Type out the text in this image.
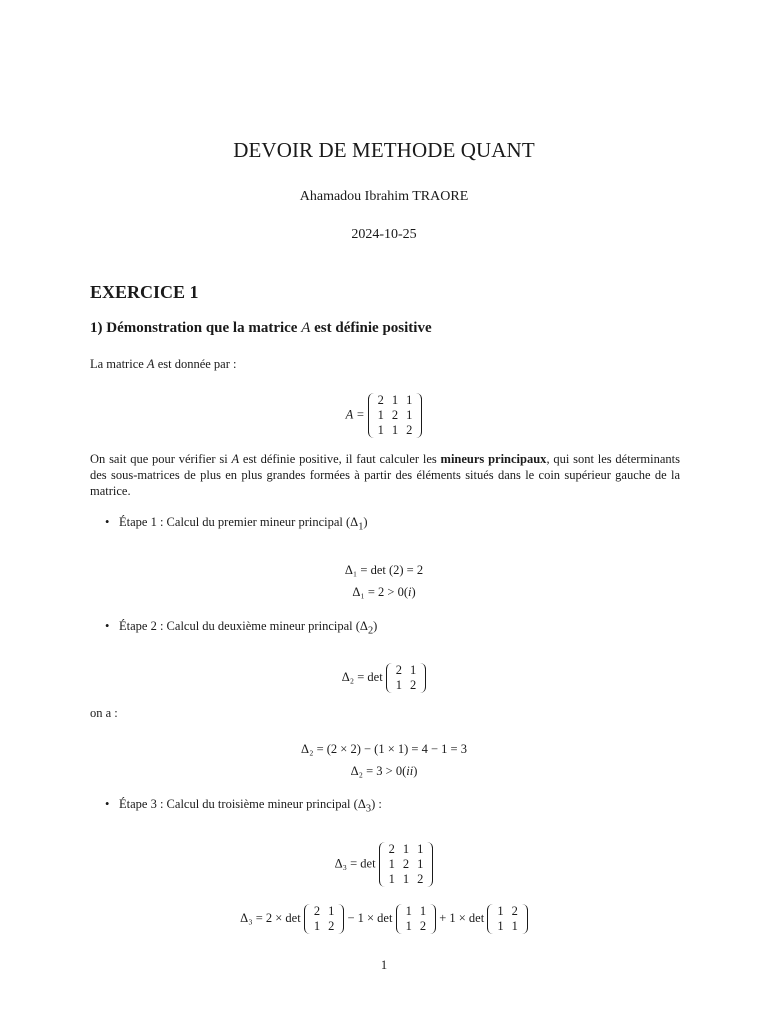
DEVOIR DE METHODE QUANT
Ahamadou Ibrahim TRAORE
2024-10-25
EXERCICE 1
1) Démonstration que la matrice A est définie positive
La matrice A est donnée par :
A =
2	1	1
1	2	1
1	1	2
On sait que pour vérifier si A est définie positive, il faut calculer les mineurs principaux, qui sont les déterminants des sous-matrices de plus en plus grandes formées à partir des éléments situés dans le coin supérieur gauche de la matrice.
• Étape 1 : Calcul du premier mineur principal $(\Delta_1)$
Δ₁ = det (2) = 2
Δ₁ = 2 > 0(i)
• Étape 2 : Calcul du deuxième mineur principal $(\Delta_2)$
Δ₂ = det 2	1
1	2
on a :
Δ₂ = (2 × 2) − (1 × 1) = 4 − 1 = 3
Δ₂ = 3 > 0(ii)
• Étape 3 : Calcul du troisième mineur principal $(\Delta_3)$ :
Δ₃ = det
2	1	1
1	2	1
1	1	2
Δ₃ = 2 × det 2	1
1	2
− 1 × det 1	1
1	2
+ 1 × det 1	2
1	1
1
